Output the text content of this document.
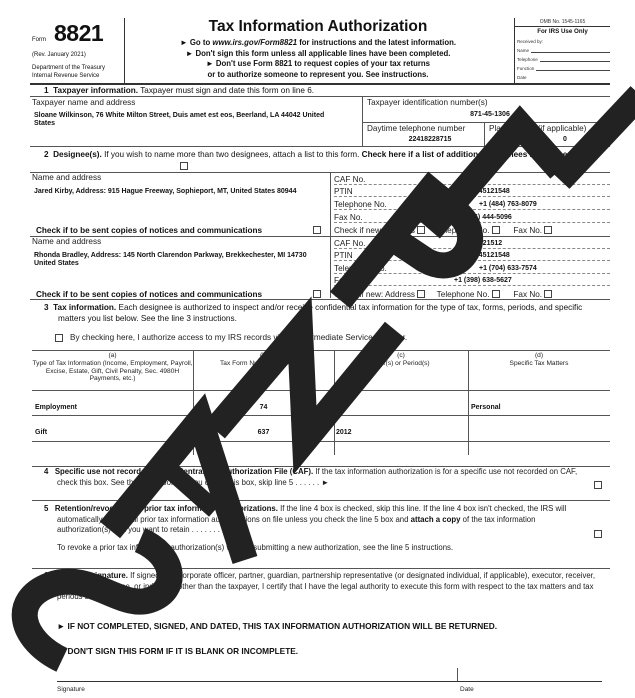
Form 8821
(Rev. January 2021)
Department of the Treasury
Internal Revenue Service
Tax Information Authorization
► Go to www.irs.gov/Form8821 for instructions and the latest information.
► Don't sign this form unless all applicable lines have been completed.
► Don't use Form 8821 to request copies of your tax returns
or to authorize someone to represent you. See instructions.
OMB No. 1545-1165
For IRS Use Only
Received by:
Name
Telephone
Function
Date
1 Taxpayer information. Taxpayer must sign and date this form on line 6.
Taxpayer name and address
Sloane Wilkinson, 76 White Milton Street, Duis amet est eos, Beerland, LA 44042 United States
Taxpayer identification number(s)
871-45-1306
Daytime telephone number
22418228715
Plan number (if applicable)
0
2 Designee(s). If you wish to name more than two designees, attach a list to this form. Check here if a list of additional designees is attached ►
Name and address
Jared Kirby, Address: 915 Hague Freeway, Sophieport, MT, United States 80944
Check if to be sent copies of notices and communications
CAF No.	709
PTIN	24845121548
Telephone No.	+1 (484) 763-8079
Fax No.	+1 (706) 444-5096
Check if new: Address

	Telephone No.

	Fax No.

Name and address
Rhonda Bradley, Address: 145 North Clarendon Parkway, Brekkechester, MI 14730 United States
Check if to be sent copies of notices and communications
CAF No.	59521512
PTIN	24845121548
Telephone No.	+1 (704) 633-7574
Fax No.	+1 (398) 638-5627
Check if new: Address

	Telephone No.

	Fax No.

3 Tax information. Each designee is authorized to inspect and/or receive confidential tax information for the type of tax, forms, periods, and specific matters you list below. See the line 3 instructions.
By checking here, I authorize access to my IRS records via an Intermediate Service Provider.
(a)
Type of Tax Information (Income, Employment, Payroll, Excise, Estate, Gift, Civil Penalty, Sec. 4980H Payments, etc.)
(b)
Tax Form Number (1040, 941, 720, etc.)
(c)
Year(s) or Period(s)
(d)
Specific Tax Matters
Employment	74	3	Personal
Gift	637	2012
4 Specific use not recorded on the Centralized Authorization File (CAF). If the tax information authorization is for a specific use not recorded on CAF, check this box. See the instructions. If you check this box, skip line 5 . . . . . . ►
5 Retention/revocation of prior tax information authorizations. If the line 4 box is checked, skip this line. If the line 4 box isn't checked, the IRS will automatically revoke all prior tax information authorizations on file unless you check the line 5 box and attach a copy of the tax information authorization(s) that you want to retain . . . . . . . . . . . ►
To revoke a prior tax information authorization(s) without submitting a new authorization, see the line 5 instructions.
6 Taxpayer signature. If signed by a corporate officer, partner, guardian, partnership representative (or designated individual, if applicable), executor, receiver, administrator, trustee, or individual other than the taxpayer, I certify that I have the legal authority to execute this form with respect to the tax matters and tax periods shown on line 3 above.
► IF NOT COMPLETED, SIGNED, AND DATED, THIS TAX INFORMATION AUTHORIZATION WILL BE RETURNED.
► DON'T SIGN THIS FORM IF IT IS BLANK OR INCOMPLETE.
Signature	Date
